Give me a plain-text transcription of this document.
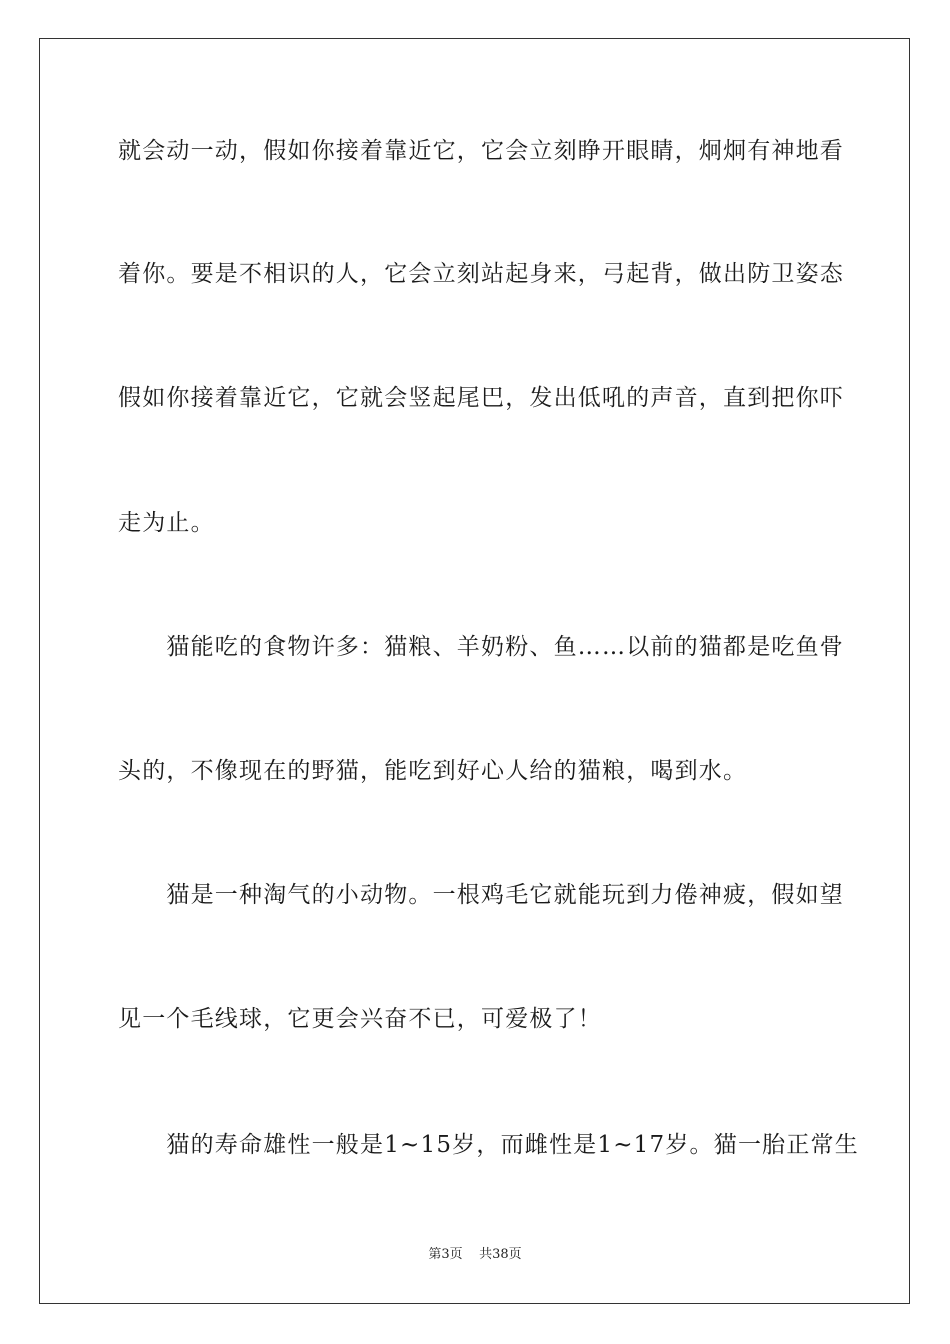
就会动一动，假如你接着靠近它，它会立刻睁开眼睛，炯炯有神地看
着你。要是不相识的人，它会立刻站起身来，弓起背，做出防卫姿态
假如你接着靠近它，它就会竖起尾巴，发出低吼的声音，直到把你吓
走为止。
　　猫能吃的食物许多：猫粮、羊奶粉、鱼……以前的猫都是吃鱼骨
头的，不像现在的野猫，能吃到好心人给的猫粮，喝到水。
　　猫是一种淘气的小动物。一根鸡毛它就能玩到力倦神疲，假如望
见一个毛线球，它更会兴奋不已，可爱极了！
　　猫的寿命雄性一般是1~15岁，而雌性是1~17岁。猫一胎正常生
第3页 共38页
